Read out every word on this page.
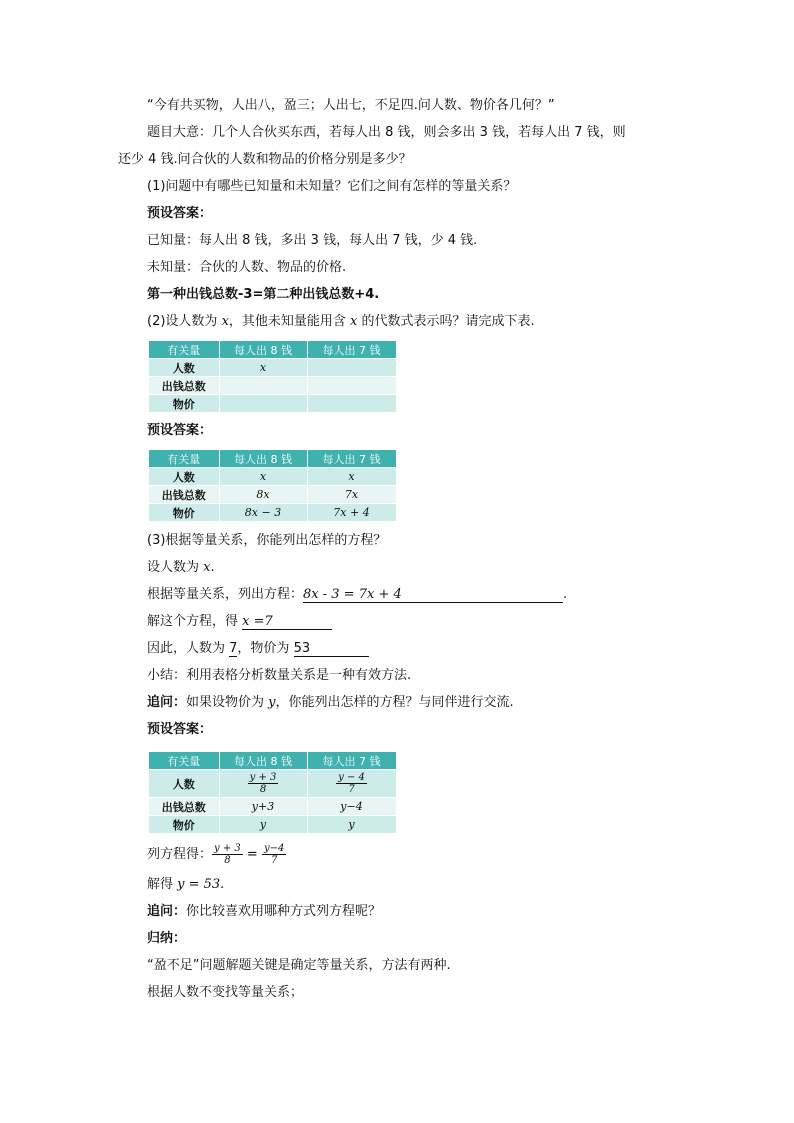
“今有共买物，人出八，盈三；人出七，不足四.问人数、物价各几何？”
题目大意：几个人合伙买东西，若每人出 8 钱，则会多出 3 钱，若每人出 7 钱，则
还少 4 钱.问合伙的人数和物品的价格分别是多少？
(1)问题中有哪些已知量和未知量？它们之间有怎样的等量关系？
预设答案：
已知量：每人出 8 钱，多出 3 钱，每人出 7 钱，少 4 钱.
未知量：合伙的人数、物品的价格.
第一种出钱总数-3=第二种出钱总数+4.
(2)设人数为 x，其他未知量能用含 x 的代数式表示吗？请完成下表.
有关量	每人出 8 钱	每人出 7 钱
人数	x	
出钱总数		
物价		
预设答案：
有关量	每人出 8 钱	每人出 7 钱
人数	x	x
出钱总数	8x	7x
物价	8x − 3	7x + 4
(3)根据等量关系，你能列出怎样的方程？
设人数为 x.
根据等量关系，列出方程：8x - 3 = 7x + 4	.
解这个方程，得 x =7
因此，人数为 7，物价为 53
小结：利用表格分析数量关系是一种有效方法.
追问：如果设物价为 y，你能列出怎样的方程？与同伴进行交流.
预设答案：
有关量	每人出 8 钱	每人出 7 钱
人数	$\frac{y + 3}{8}$	$\frac{y - 4}{7}$

出钱总数	y+3	y−4
物价	y	y
列方程得： $\frac{y + 3}{8} = \frac{y-4}{7}$
解得 y = 53.
追问：你比较喜欢用哪种方式列方程呢？
归纳：
“盈不足”问题解题关键是确定等量关系，方法有两种.
根据人数不变找等量关系；
